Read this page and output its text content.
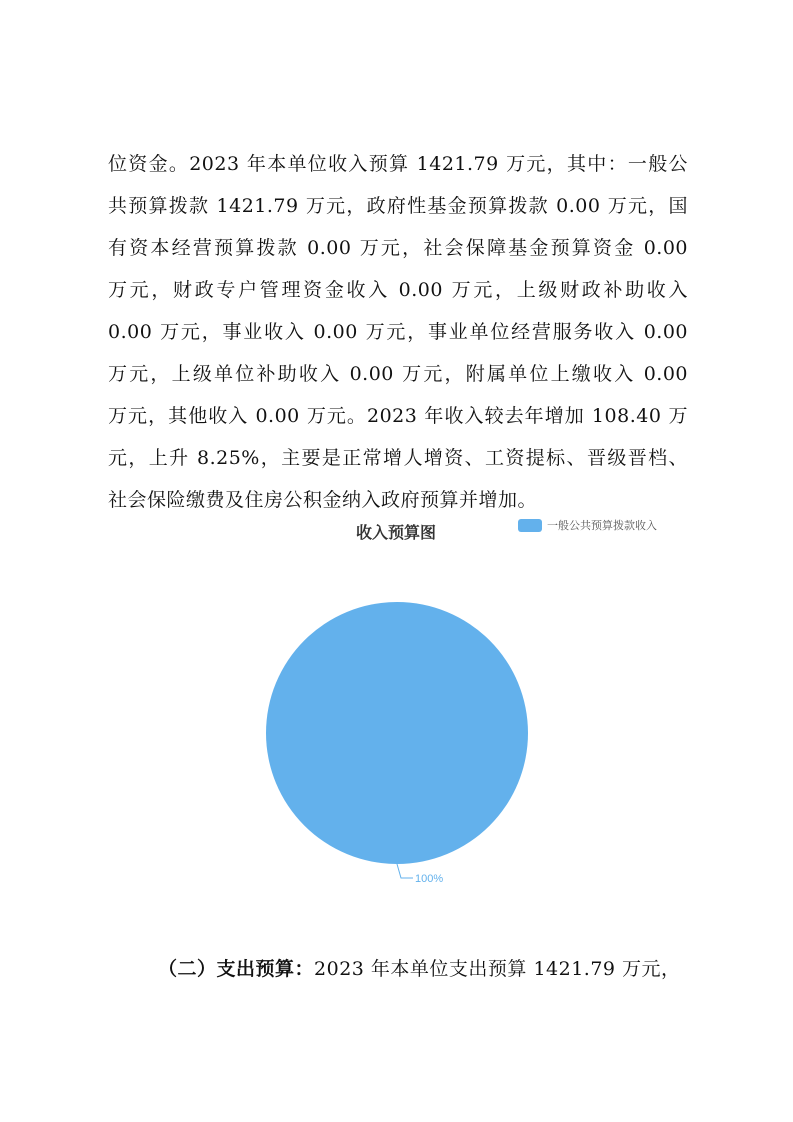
位资金。2023 年本单位收入预算 1421.79 万元，其中：一般公
共预算拨款 1421.79 万元，政府性基金预算拨款 0.00 万元，国
有资本经营预算拨款 0.00 万元，社会保障基金预算资金 0.00
万元，财政专户管理资金收入 0.00 万元，上级财政补助收入
0.00 万元，事业收入 0.00 万元，事业单位经营服务收入 0.00
万元，上级单位补助收入 0.00 万元，附属单位上缴收入 0.00
万元，其他收入 0.00 万元。2023 年收入较去年增加 108.40 万
元，上升 8.25%，主要是正常增人增资、工资提标、晋级晋档、
社会保险缴费及住房公积金纳入政府预算并增加。
收入预算图	一般公共预算拨款收入
100%
（二）支出预算：2023 年本单位支出预算 1421.79 万元，
